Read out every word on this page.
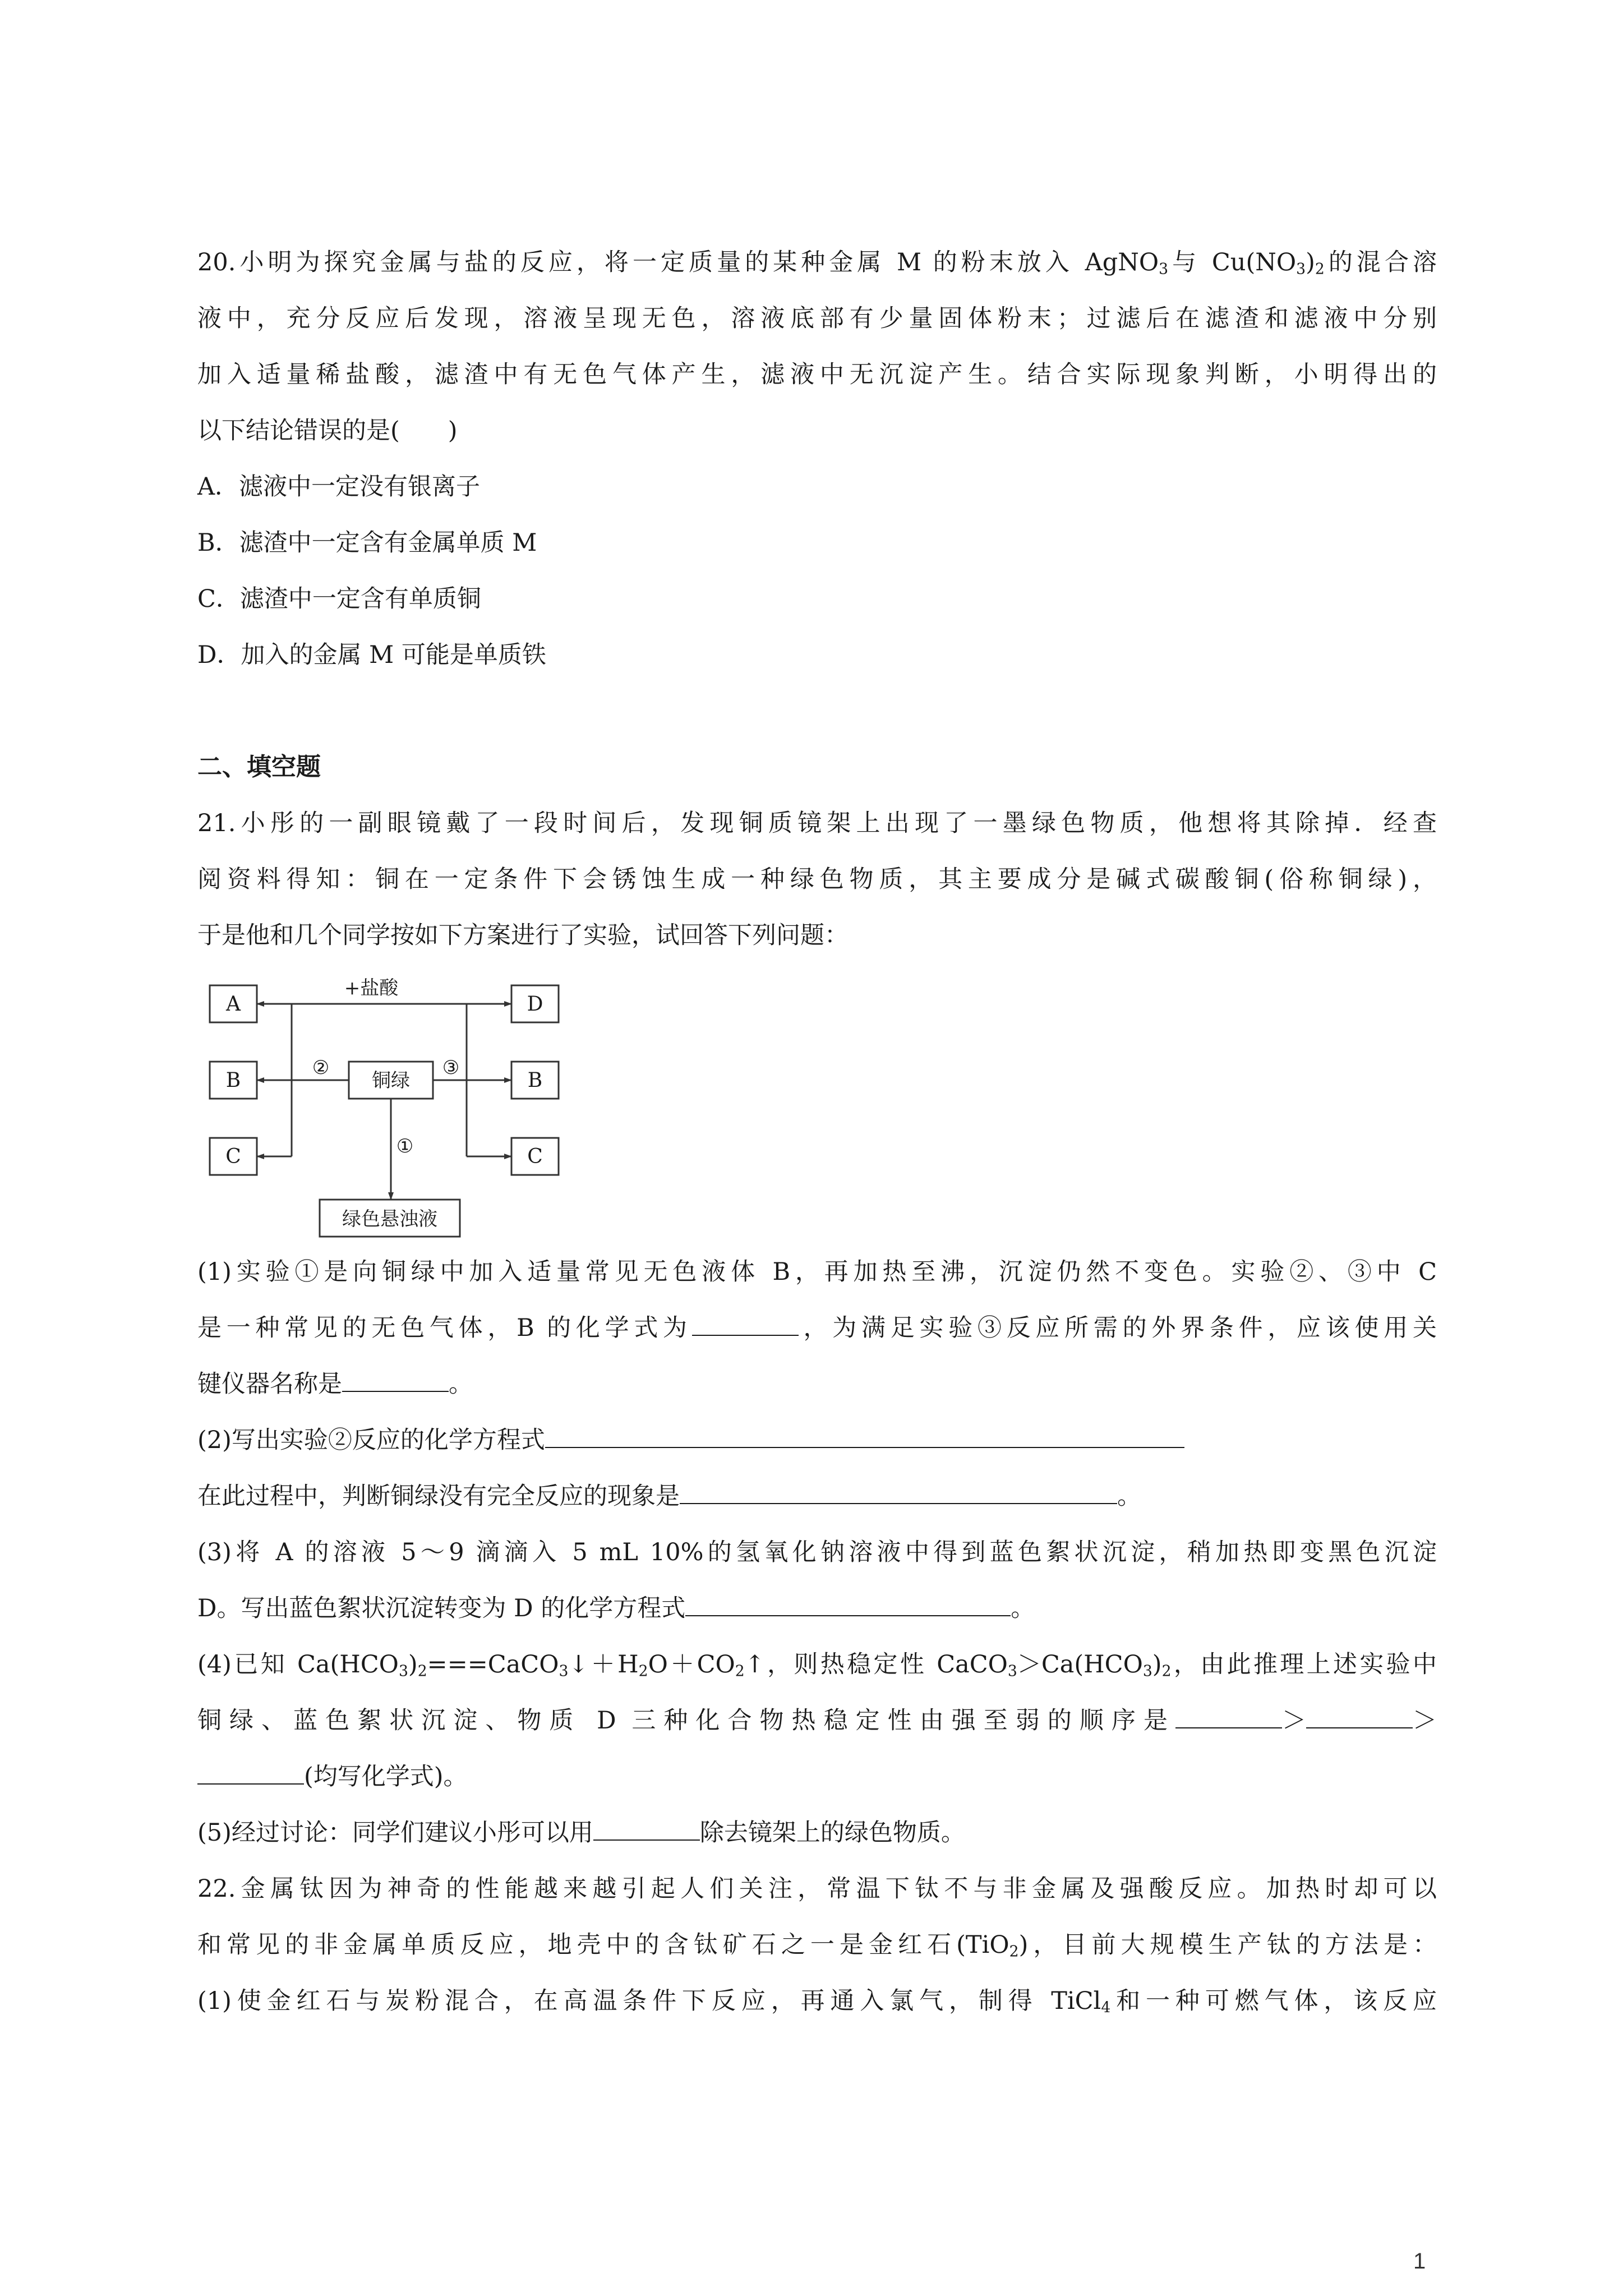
20.小明为探究金属与盐的反应，将一定质量的某种金属 M 的粉末放入 AgNO$_3$与 $Cu(NO_3)_2$的混合溶
液中，充分反应后发现，溶液呈现无色，溶液底部有少量固体粉末；过滤后在滤渣和滤液中分别
加入适量稀盐酸，滤渣中有无色气体产生，滤液中无沉淀产生。结合实际现象判断，小明得出的
以下结论错误的是(　　)
A．滤液中一定没有银离子
B．滤渣中一定含有金属单质 M
C．滤渣中一定含有单质铜
D．加入的金属 M 可能是单质铁
二、填空题
21.小彤的一副眼镜戴了一段时间后，发现铜质镜架上出现了一墨绿色物质，他想将其除掉．经查
阅资料得知：铜在一定条件下会锈蚀生成一种绿色物质，其主要成分是碱式碳酸铜(俗称铜绿)，
于是他和几个同学按如下方案进行了实验，试回答下列问题：
+盐酸
A
B
C
D
B
C
铜绿
绿色悬浊液
②	③
①
(1)实验①是向铜绿中加入适量常见无色液体 B，再加热至沸，沉淀仍然不变色。实验②、③中 C
是一种常见的无色气体，B 的化学式为	，为满足实验③反应所需的外界条件，应该使用关
键仪器名称是	。
(2)写出实验②反应的化学方程式
在此过程中，判断铜绿没有完全反应的现象是	。
(3)将 A 的溶液 5～9 滴滴入 5 mL 10%的氢氧化钠溶液中得到蓝色絮状沉淀，稍加热即变黑色沉淀
D。写出蓝色絮状沉淀转变为 D 的化学方程式	。
(4)已知 $Ca(HCO_3)_2===CaCO_3↓+H_2O+CO_2↑$，则热稳定性 $CaCO_3>Ca(HCO_3)_2$，由此推理上述实验中
铜绿、蓝色絮状沉淀、物质 D 三种化合物热稳定性由强至弱的顺序是	＞	＞
(均写化学式)。
(5)经过讨论：同学们建议小彤可以用	除去镜架上的绿色物质。
22.金属钛因为神奇的性能越来越引起人们关注，常温下钛不与非金属及强酸反应。加热时却可以
和常见的非金属单质反应，地壳中的含钛矿石之一是金红石(TiO$_2$)，目前大规模生产钛的方法是：
(1)使金红石与炭粉混合，在高温条件下反应，再通入氯气，制得 TiCl$_4$和一种可燃气体，该反应
1
